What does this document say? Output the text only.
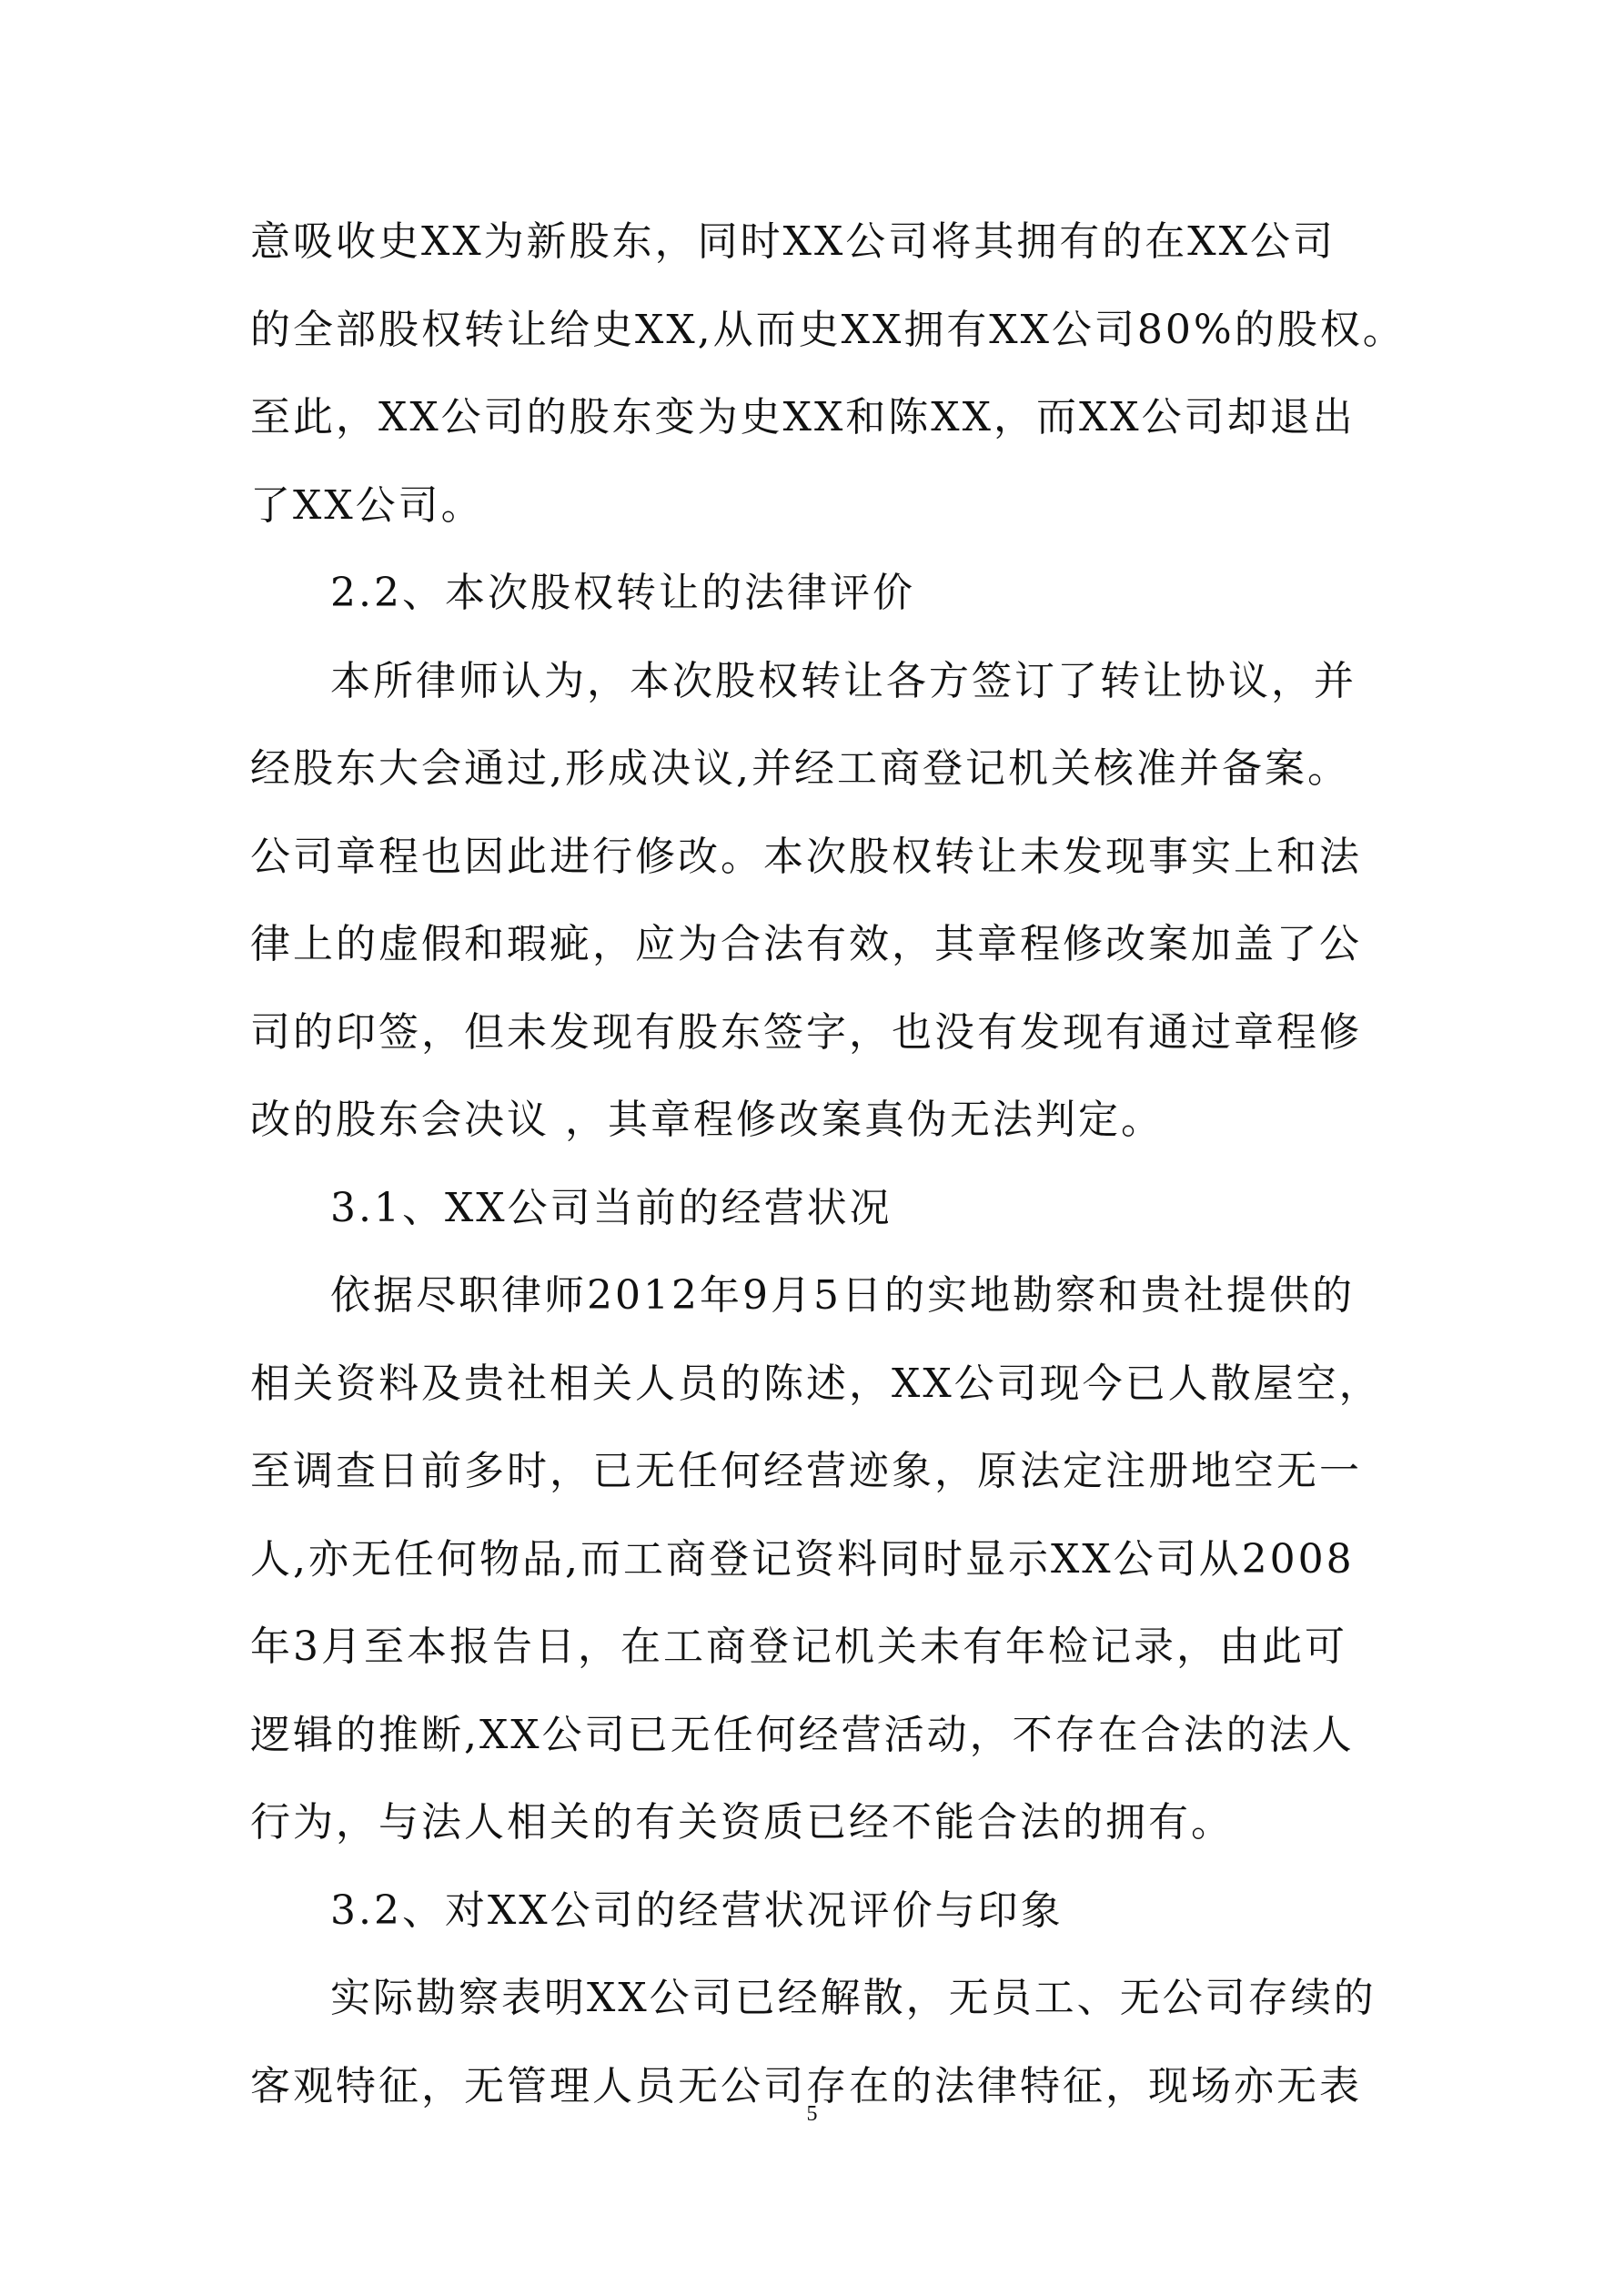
意吸收史XX为新股东，同时XX公司将其拥有的在XX公司
的全部股权转让给史XX,从而史XX拥有XX公司80%的股权。
至此，XX公司的股东变为史XX和陈XX，而XX公司却退出
了XX公司。
2.2、本次股权转让的法律评价
本所律师认为，本次股权转让各方签订了转让协议，并
经股东大会通过,形成决议,并经工商登记机关核准并备案。
公司章程也因此进行修改。本次股权转让未发现事实上和法
律上的虚假和瑕疵，应为合法有效，其章程修改案加盖了公
司的印签，但未发现有股东签字，也没有发现有通过章程修
改的股东会决议 ，其章程修改案真伪无法判定。
3.1、XX公司当前的经营状况
依据尽职律师2012年9月5日的实地勘察和贵社提供的
相关资料及贵社相关人员的陈述，XX公司现今已人散屋空，
至调查日前多时，已无任何经营迹象，原法定注册地空无一
人,亦无任何物品,而工商登记资料同时显示XX公司从2008
年3月至本报告日，在工商登记机关未有年检记录，由此可
逻辑的推断,XX公司已无任何经营活动，不存在合法的法人
行为，与法人相关的有关资质已经不能合法的拥有。
3.2、对XX公司的经营状况评价与印象
实际勘察表明XX公司已经解散，无员工、无公司存续的
客观特征，无管理人员无公司存在的法律特征，现场亦无表
5
